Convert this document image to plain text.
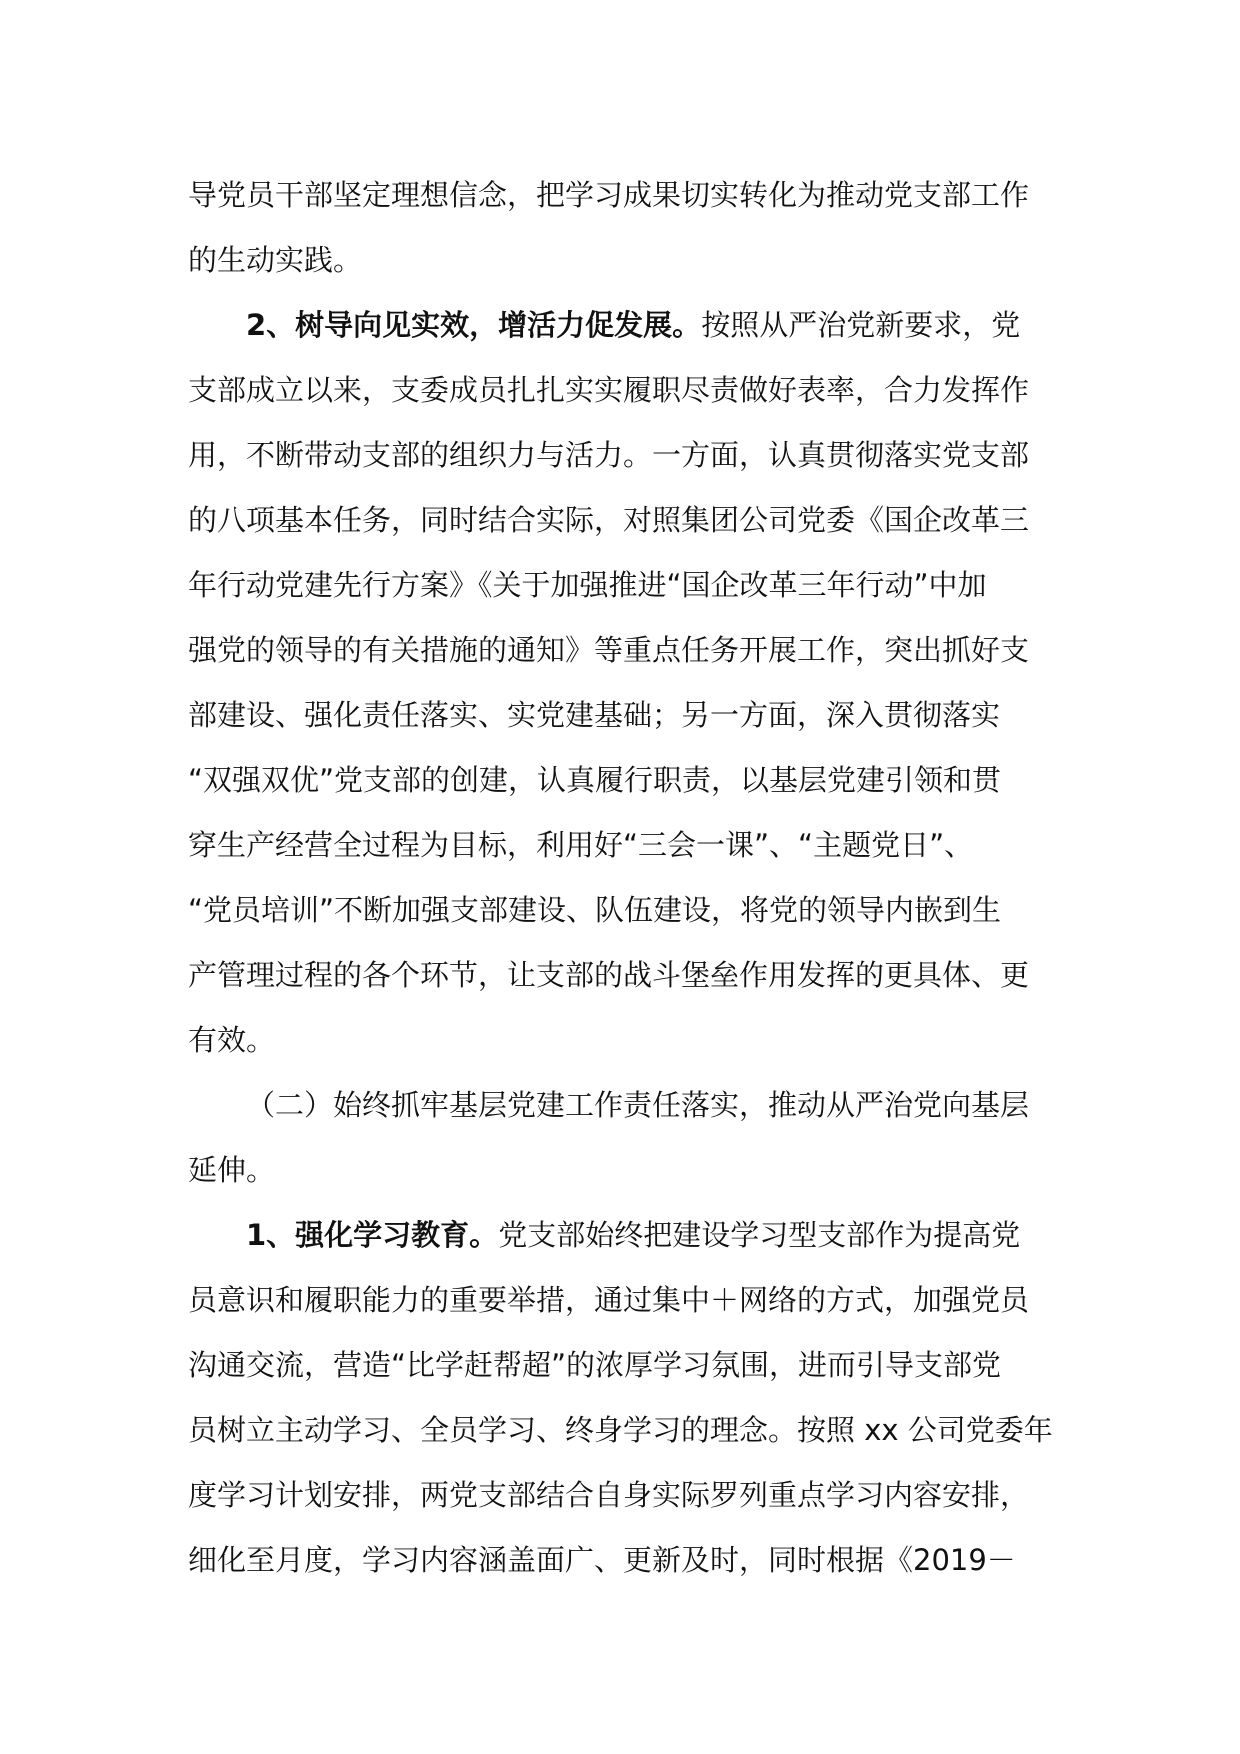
导党员干部坚定理想信念，把学习成果切实转化为推动党支部工作
的生动实践。
2、树导向见实效，增活力促发展。按照从严治党新要求，党
支部成立以来，支委成员扎扎实实履职尽责做好表率，合力发挥作
用，不断带动支部的组织力与活力。一方面，认真贯彻落实党支部
的八项基本任务，同时结合实际，对照集团公司党委《国企改革三
年行动党建先行方案》《关于加强推进“国企改革三年行动”中加
强党的领导的有关措施的通知》等重点任务开展工作，突出抓好支
部建设、强化责任落实、实党建基础；另一方面，深入贯彻落实
“双强双优”党支部的创建，认真履行职责，以基层党建引领和贯
穿生产经营全过程为目标，利用好“三会一课”、“主题党日”、
“党员培训”不断加强支部建设、队伍建设，将党的领导内嵌到生
产管理过程的各个环节，让支部的战斗堡垒作用发挥的更具体、更
有效。
（二）始终抓牢基层党建工作责任落实，推动从严治党向基层
延伸。
1、强化学习教育。党支部始终把建设学习型支部作为提高党
员意识和履职能力的重要举措，通过集中＋网络的方式，加强党员
沟通交流，营造“比学赶帮超”的浓厚学习氛围，进而引导支部党
员树立主动学习、全员学习、终身学习的理念。按照 xx 公司党委年
度学习计划安排，两党支部结合自身实际罗列重点学习内容安排，
细化至月度，学习内容涵盖面广、更新及时，同时根据《2019－
